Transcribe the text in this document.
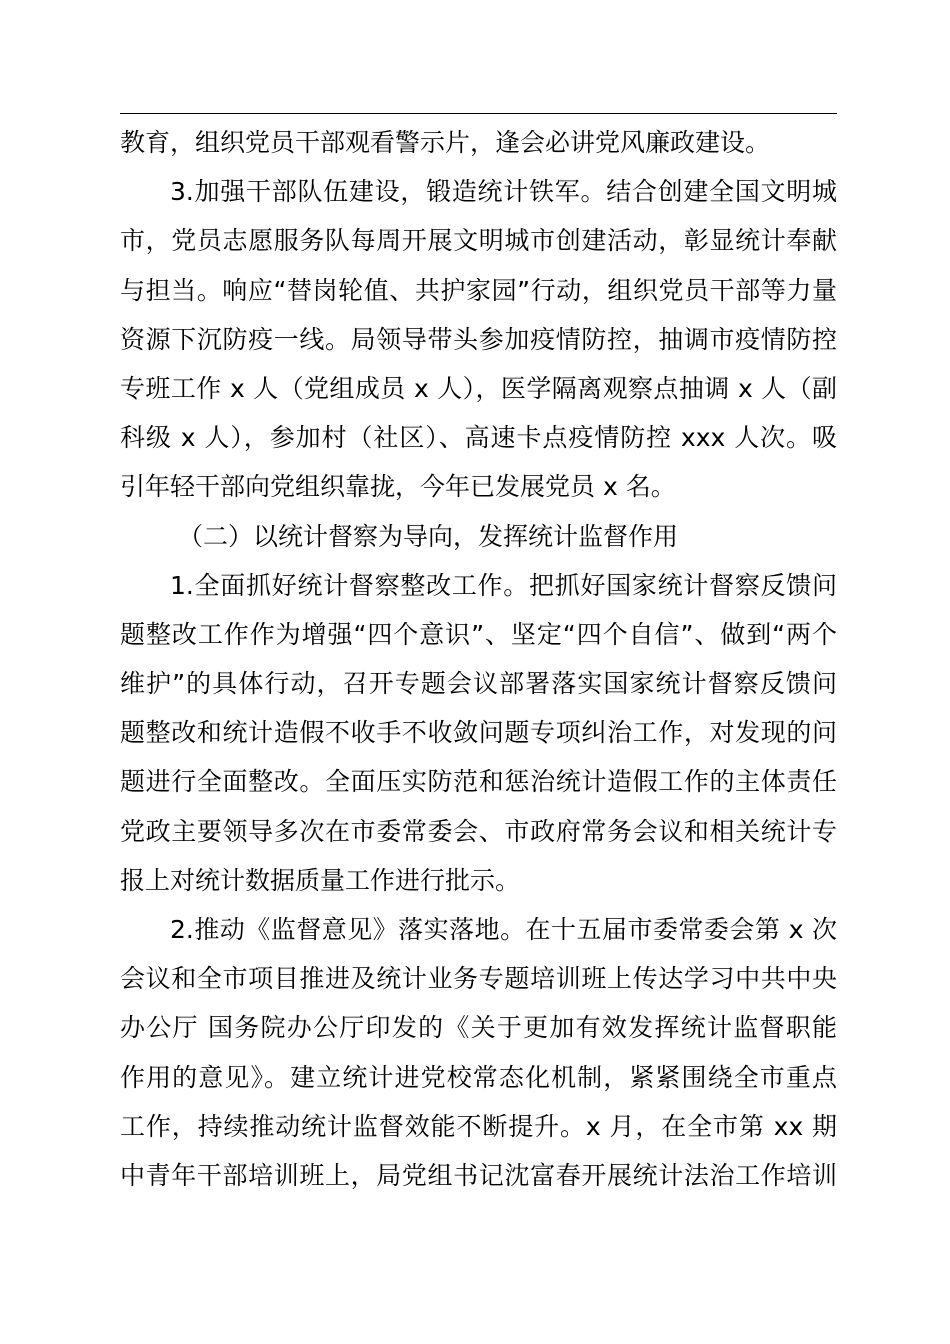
教育，组织党员干部观看警示片，逢会必讲党风廉政建设。
3.加强干部队伍建设，锻造统计铁军。结合创建全国文明城
市，党员志愿服务队每周开展文明城市创建活动，彰显统计奉献
与担当。响应“替岗轮值、共护家园”行动，组织党员干部等力量
资源下沉防疫一线。局领导带头参加疫情防控，抽调市疫情防控
专班工作 x 人（党组成员 x 人），医学隔离观察点抽调 x 人（副
科级 x 人），参加村（社区）、高速卡点疫情防控 xxx 人次。吸
引年轻干部向党组织靠拢，今年已发展党员 x 名。
（二）以统计督察为导向，发挥统计监督作用
1.全面抓好统计督察整改工作。把抓好国家统计督察反馈问
题整改工作作为增强“四个意识”、坚定“四个自信”、做到“两个
维护”的具体行动，召开专题会议部署落实国家统计督察反馈问
题整改和统计造假不收手不收敛问题专项纠治工作，对发现的问
题进行全面整改。全面压实防范和惩治统计造假工作的主体责任
党政主要领导多次在市委常委会、市政府常务会议和相关统计专
报上对统计数据质量工作进行批示。
2.推动《监督意见》落实落地。在十五届市委常委会第 x 次
会议和全市项目推进及统计业务专题培训班上传达学习中共中央
办公厅 国务院办公厅印发的《关于更加有效发挥统计监督职能
作用的意见》。建立统计进党校常态化机制，紧紧围绕全市重点
工作，持续推动统计监督效能不断提升。x 月，在全市第 xx 期
中青年干部培训班上，局党组书记沈富春开展统计法治工作培训
